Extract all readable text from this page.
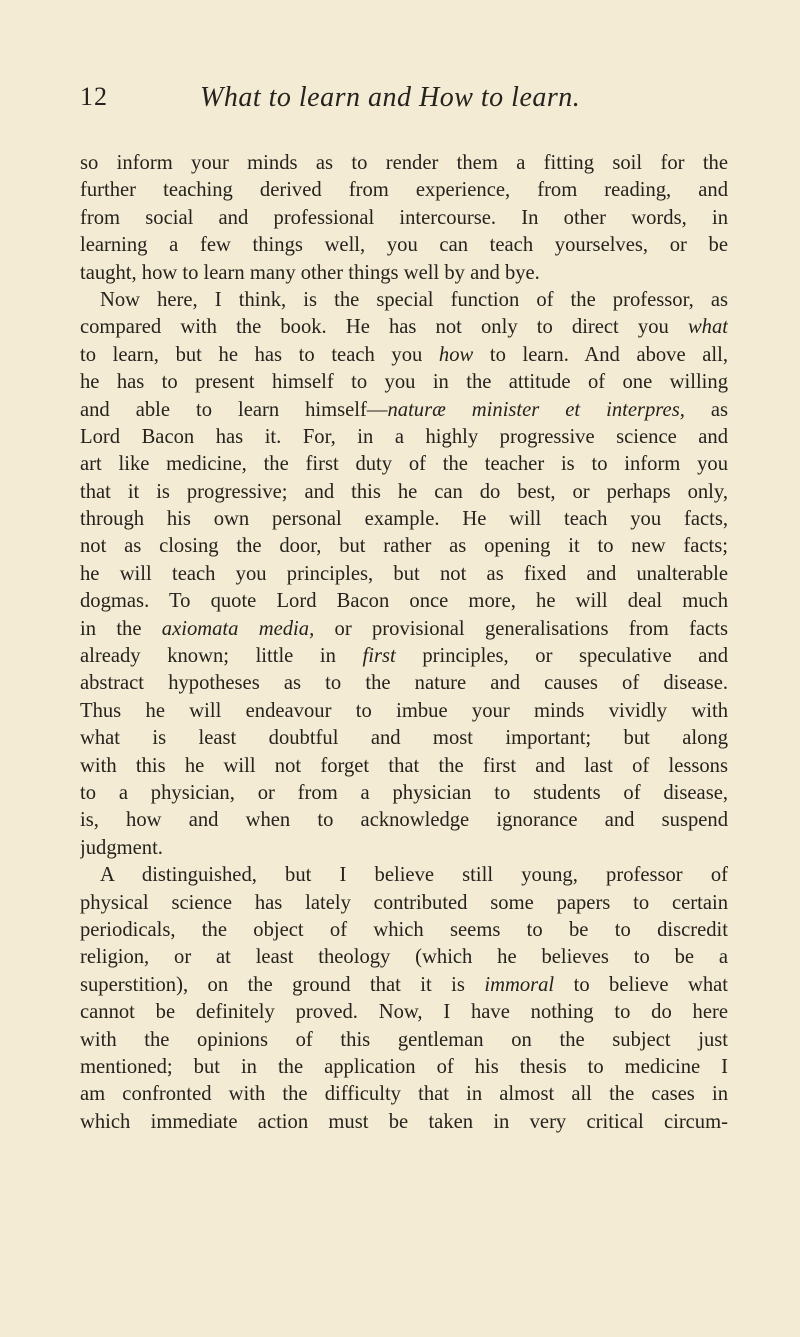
12	What to learn and How to learn.
so inform your minds as to render them a fitting soil for the
further teaching derived from experience, from reading, and
from social and professional intercourse. In other words, in
learning a few things well, you can teach yourselves, or be
taught, how to learn many other things well by and bye.
Now here, I think, is the special function of the professor, as
compared with the book. He has not only to direct you what
to learn, but he has to teach you how to learn. And above all,
he has to present himself to you in the attitude of one willing
and able to learn himself—naturæ minister et interpres, as
Lord Bacon has it. For, in a highly progressive science and
art like medicine, the first duty of the teacher is to inform you
that it is progressive; and this he can do best, or perhaps only,
through his own personal example. He will teach you facts,
not as closing the door, but rather as opening it to new facts;
he will teach you principles, but not as fixed and unalterable
dogmas. To quote Lord Bacon once more, he will deal much
in the axiomata media, or provisional generalisations from facts
already known; little in first principles, or speculative and
abstract hypotheses as to the nature and causes of disease.
Thus he will endeavour to imbue your minds vividly with
what is least doubtful and most important; but along
with this he will not forget that the first and last of lessons
to a physician, or from a physician to students of disease,
is, how and when to acknowledge ignorance and suspend
judgment.
A distinguished, but I believe still young, professor of
physical science has lately contributed some papers to certain
periodicals, the object of which seems to be to discredit
religion, or at least theology (which he believes to be a
superstition), on the ground that it is immoral to believe what
cannot be definitely proved. Now, I have nothing to do here
with the opinions of this gentleman on the subject just
mentioned; but in the application of his thesis to medicine I
am confronted with the difficulty that in almost all the cases in
which immediate action must be taken in very critical circum-
